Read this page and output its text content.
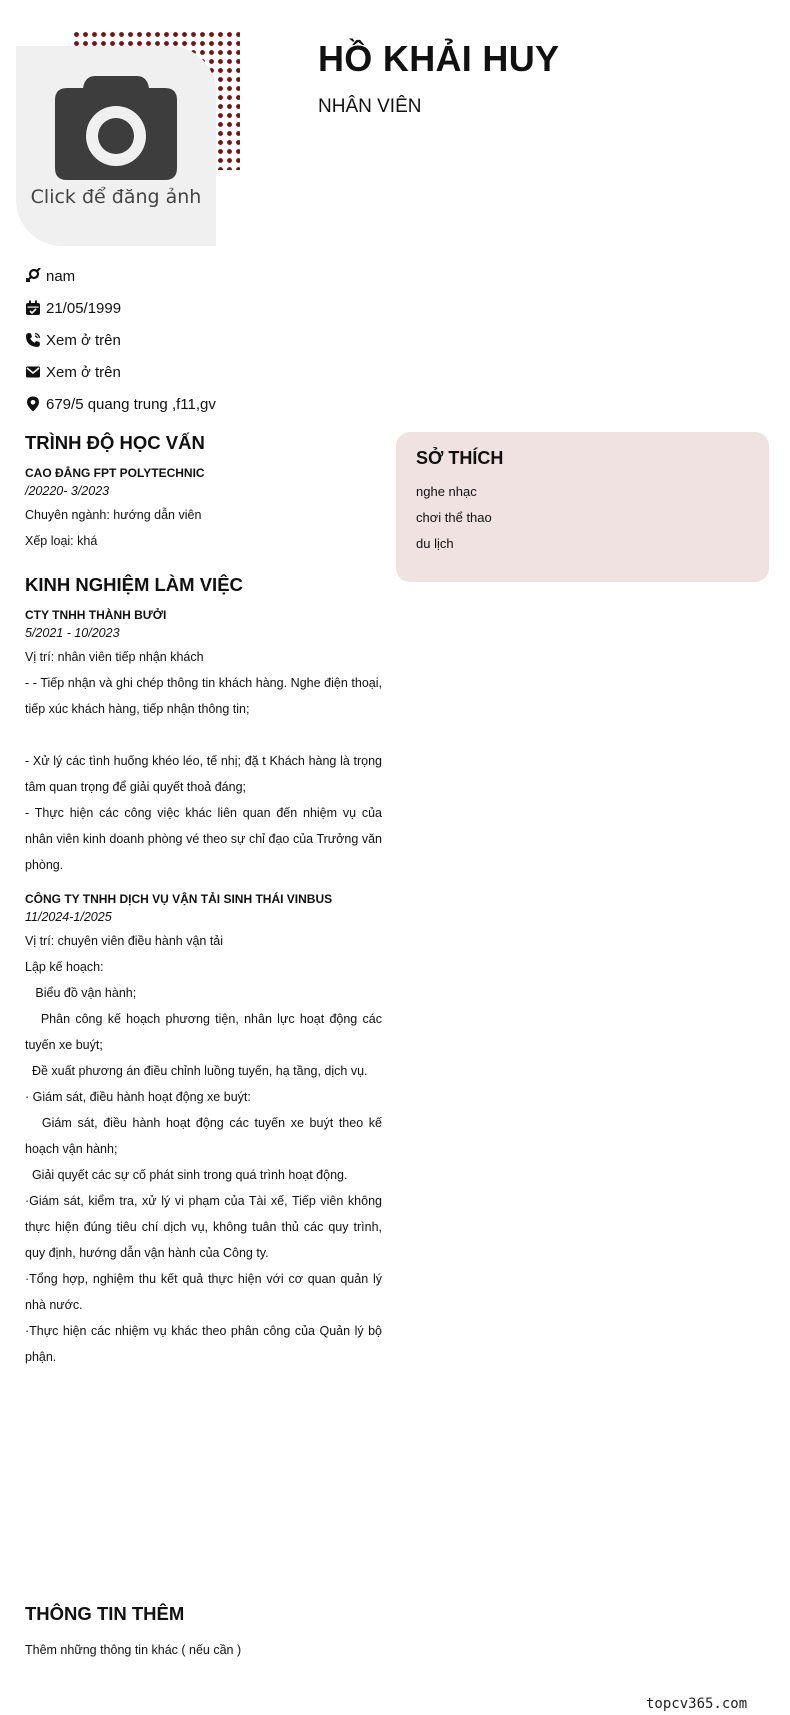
Click để đăng ảnh
HỒ KHẢI HUY
NHÂN VIÊN
nam
21/05/1999
Xem ở trên
Xem ở trên
679/5 quang trung ,f11,gv
TRÌNH ĐỘ HỌC VẤN
CAO ĐẲNG FPT POLYTECHNIC
/20220- 3/2023
Chuyên ngành: hướng dẫn viên
Xếp loại: khá
KINH NGHIỆM LÀM VIỆC
CTY TNHH THÀNH BƯỞI
5/2021 - 10/2023
Vị trí: nhân viên tiếp nhận khách

- - Tiếp nhận và ghi chép thông tin khách hàng. Nghe điện thoại, tiếp xúc khách hàng, tiếp nhận thông tin;

- Xử lý các tình huống khéo léo, tế nhị; đặ t Khách hàng là trọng tâm quan trọng để giải quyết thoả đáng;

- Thực hiện các công việc khác liên quan đến nhiệm vụ của nhân viên kinh doanh phòng vé theo sự chỉ đạo của Trưởng văn phòng.

CÔNG TY TNHH DỊCH VỤ VẬN TẢI SINH THÁI VINBUS
11/2024-1/2025
Vị trí: chuyên viên điều hành vận tải

Lập kế hoạch:

Biểu đồ vận hành;

Phân công kế hoạch phương tiện, nhân lực hoạt động các tuyến xe buýt;

Đề xuất phương án điều chỉnh luồng tuyến, hạ tầng, dịch vụ.

· Giám sát, điều hành hoạt động xe buýt:

Giám sát, điều hành hoạt động các tuyến xe buýt theo kế hoạch vận hành;

Giải quyết các sự cố phát sinh trong quá trình hoạt động.

·Giám sát, kiểm tra, xử lý vi phạm của Tài xế, Tiếp viên không thực hiện đúng tiêu chí dịch vụ, không tuân thủ các quy trình, quy định, hướng dẫn vận hành của Công ty.

·Tổng hợp, nghiệm thu kết quả thực hiện với cơ quan quản lý nhà nước.

·Thực hiện các nhiệm vụ khác theo phân công của Quản lý bộ phận.

SỞ THÍCH
nghe nhạc
chơi thể thao
du lịch
THÔNG TIN THÊM
Thêm những thông tin khác ( nếu cần )
topcv365.com
